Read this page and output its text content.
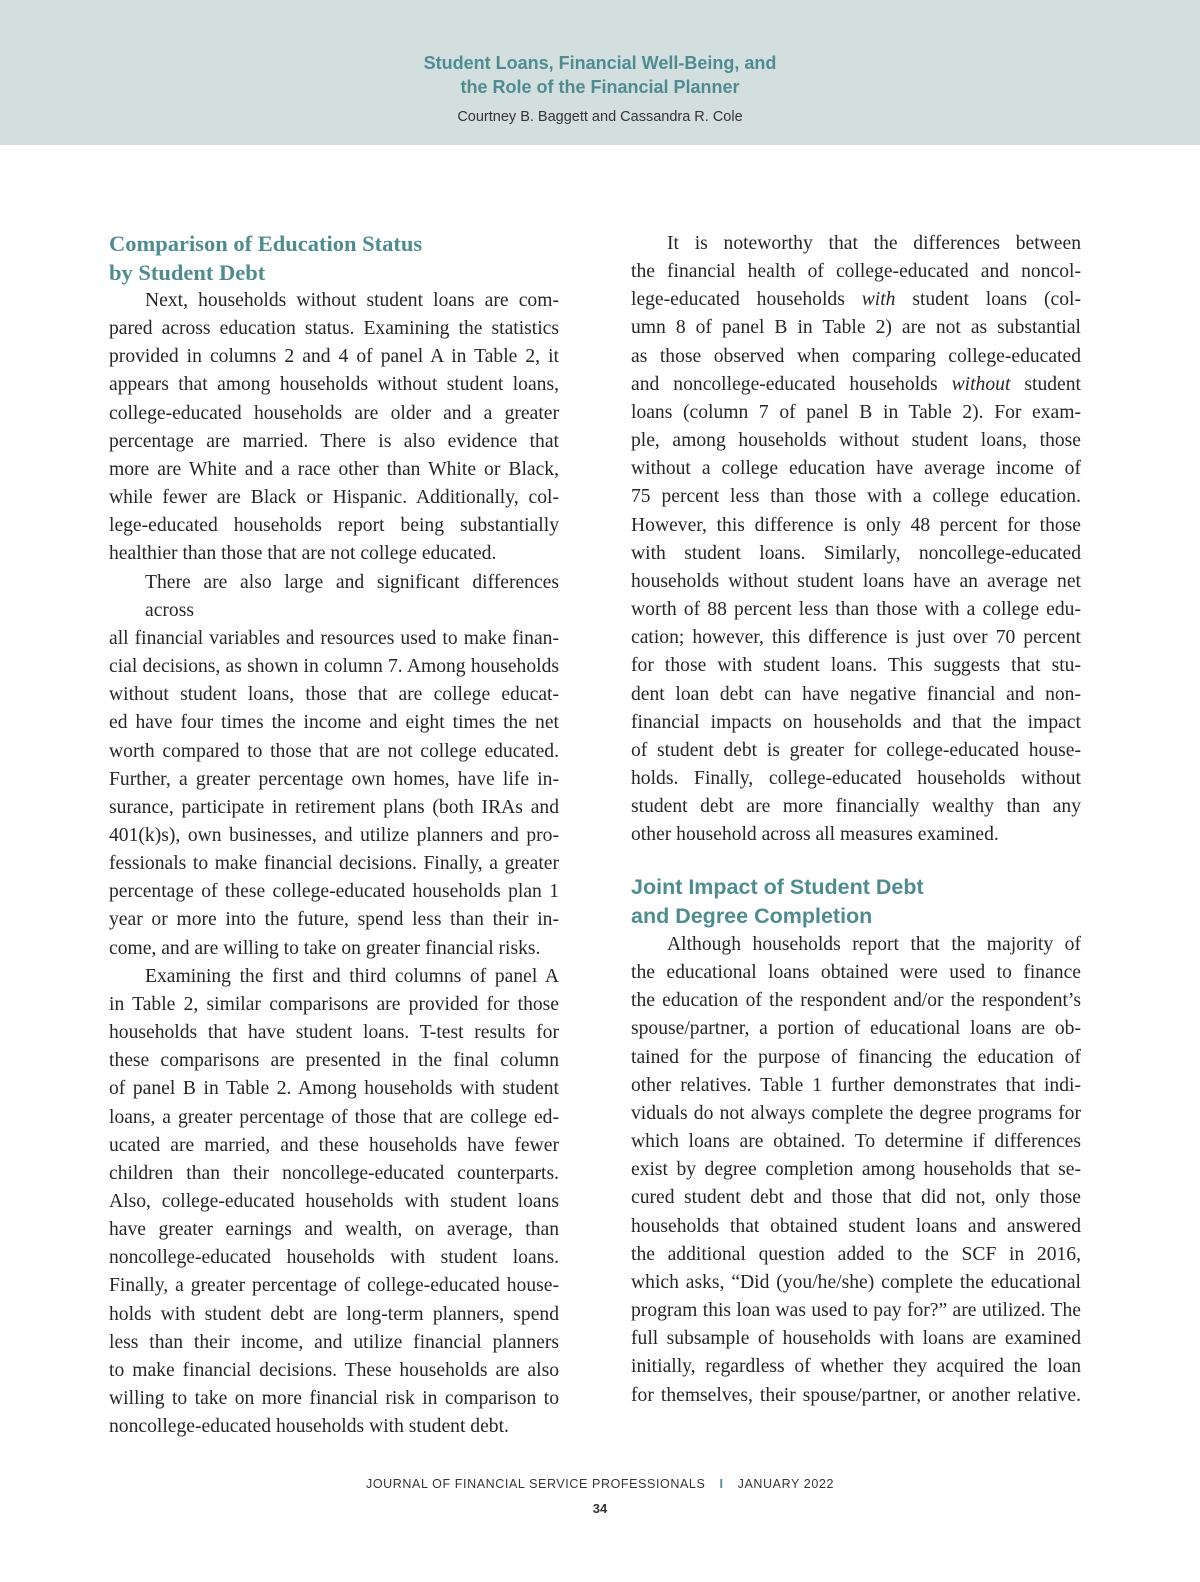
Student Loans, Financial Well-Being, and

the Role of the Financial Planner

Courtney B. Baggett and Cassandra R. Cole
Comparison of Education Status
by Student Debt
Next, households without student loans are com-
pared across education status. Examining the statistics
provided in columns 2 and 4 of panel A in Table 2, it
appears that among households without student loans,
college-educated households are older and a greater
percentage are married. There is also evidence that
more are White and a race other than White or Black,
while fewer are Black or Hispanic. Additionally, col-
lege-educated households report being substantially
healthier than those that are not college educated.
There are also large and significant differences across
all financial variables and resources used to make finan-
cial decisions, as shown in column 7. Among households
without student loans, those that are college educat-
ed have four times the income and eight times the net
worth compared to those that are not college educated.
Further, a greater percentage own homes, have life in-
surance, participate in retirement plans (both IRAs and
401(k)s), own businesses, and utilize planners and pro-
fessionals to make financial decisions. Finally, a greater
percentage of these college-educated households plan 1
year or more into the future, spend less than their in-
come, and are willing to take on greater financial risks.
Examining the first and third columns of panel A
in Table 2, similar comparisons are provided for those
households that have student loans. T-test results for
these comparisons are presented in the final column
of panel B in Table 2. Among households with student
loans, a greater percentage of those that are college ed-
ucated are married, and these households have fewer
children than their noncollege-educated counterparts.
Also, college-educated households with student loans
have greater earnings and wealth, on average, than
noncollege-educated households with student loans.
Finally, a greater percentage of college-educated house-
holds with student debt are long-term planners, spend
less than their income, and utilize financial planners
to make financial decisions. These households are also
willing to take on more financial risk in comparison to
noncollege-educated households with student debt.
It is noteworthy that the differences between
the financial health of college-educated and noncol-
lege-educated households with student loans (col-
umn 8 of panel B in Table 2) are not as substantial
as those observed when comparing college-educated
and noncollege-educated households without student
loans (column 7 of panel B in Table 2). For exam-
ple, among households without student loans, those
without a college education have average income of
75 percent less than those with a college education.
However, this difference is only 48 percent for those
with student loans. Similarly, noncollege-educated
households without student loans have an average net
worth of 88 percent less than those with a college edu-
cation; however, this difference is just over 70 percent
for those with student loans. This suggests that stu-
dent loan debt can have negative financial and non-
financial impacts on households and that the impact
of student debt is greater for college-educated house-
holds. Finally, college-educated households without
student debt are more financially wealthy than any
other household across all measures examined.
Joint Impact of Student Debt
and Degree Completion
Although households report that the majority of
the educational loans obtained were used to finance
the education of the respondent and/or the respondent’s
spouse/partner, a portion of educational loans are ob-
tained for the purpose of financing the education of
other relatives. Table 1 further demonstrates that indi-
viduals do not always complete the degree programs for
which loans are obtained. To determine if differences
exist by degree completion among households that se-
cured student debt and those that did not, only those
households that obtained student loans and answered
the additional question added to the SCF in 2016,
which asks, “Did (you/he/she) complete the educational
program this loan was used to pay for?” are utilized. The
full subsample of households with loans are examined
initially, regardless of whether they acquired the loan
for themselves, their spouse/partner, or another relative.
JOURNAL OF FINANCIAL SERVICE PROFESSIONALS I JANUARY 2022
34
